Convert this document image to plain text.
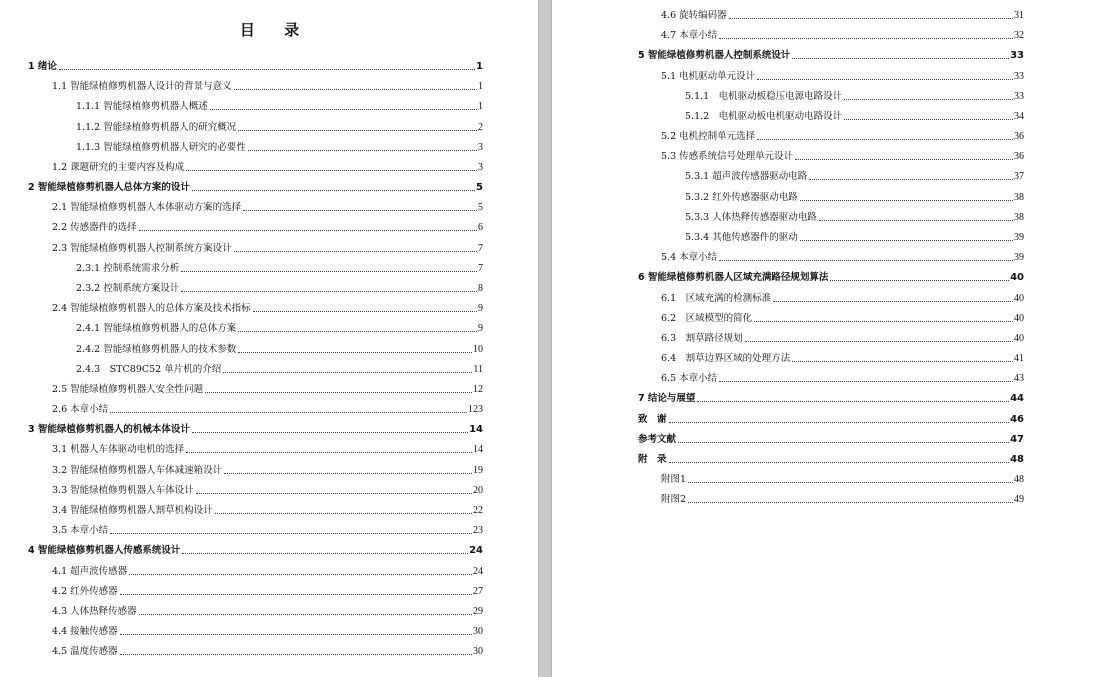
目 录
1 绪论	1
1.1 智能绿植修剪机器人设计的背景与意义	1
1.1.1 智能绿植修剪机器人概述	1
1.1.2 智能绿植修剪机器人的研究概况	2
1.1.3 智能绿植修剪机器人研究的必要性	3
1.2 课题研究的主要内容及构成	3
2 智能绿植修剪机器人总体方案的设计	5
2.1 智能绿植修剪机器人本体驱动方案的选择	5
2.2 传感器件的选择	6
2.3 智能绿植修剪机器人控制系统方案设计	7
2.3.1 控制系统需求分析	7
2.3.2 控制系统方案设计	8
2.4 智能绿植修剪机器人的总体方案及技术指标	9
2.4.1 智能绿植修剪机器人的总体方案	9
2.4.2 智能绿植修剪机器人的技术参数	10
2.4.3　STC89C52 单片机的介绍	11
2.5 智能绿植修剪机器人安全性问题	12
2.6 本章小结	123
3 智能绿植修剪机器人的机械本体设计	14
3.1 机器人车体驱动电机的选择	14
3.2 智能绿植修剪机器人车体减速箱设计	19
3.3 智能绿植修剪机器人车体设计	20
3.4 智能绿植修剪机器人割草机构设计	22
3.5 本章小结	23
4 智能绿植修剪机器人传感系统设计	24
4.1 超声波传感器	24
4.2 红外传感器	27
4.3 人体热释传感器	29
4.4 接触传感器	30
4.5 温度传感器	30
4.6 旋转编码器	31
4.7 本章小结	32
5 智能绿植修剪机器人控制系统设计	33
5.1 电机驱动单元设计	33
5.1.1　电机驱动板稳压电源电路设计	33
5.1.2　电机驱动板电机驱动电路设计	34
5.2 电机控制单元选择	36
5.3 传感系统信号处理单元设计	36
5.3.1 超声波传感器驱动电路	37
5.3.2 红外传感器驱动电路	38
5.3.3 人体热释传感器驱动电路	38
5.3.4 其他传感器件的驱动	39
5.4 本章小结	39
6 智能绿植修剪机器人区域充满路径规划算法	40
6.1　区域充满的检测标准	40
6.2　区域模型的简化	40
6.3　割草路径规划	40
6.4　割草边界区域的处理方法	41
6.5 本章小结	43
7 结论与展望	44
致　谢	46
参考文献	47
附　录	48
附图1	48
附图2	49
